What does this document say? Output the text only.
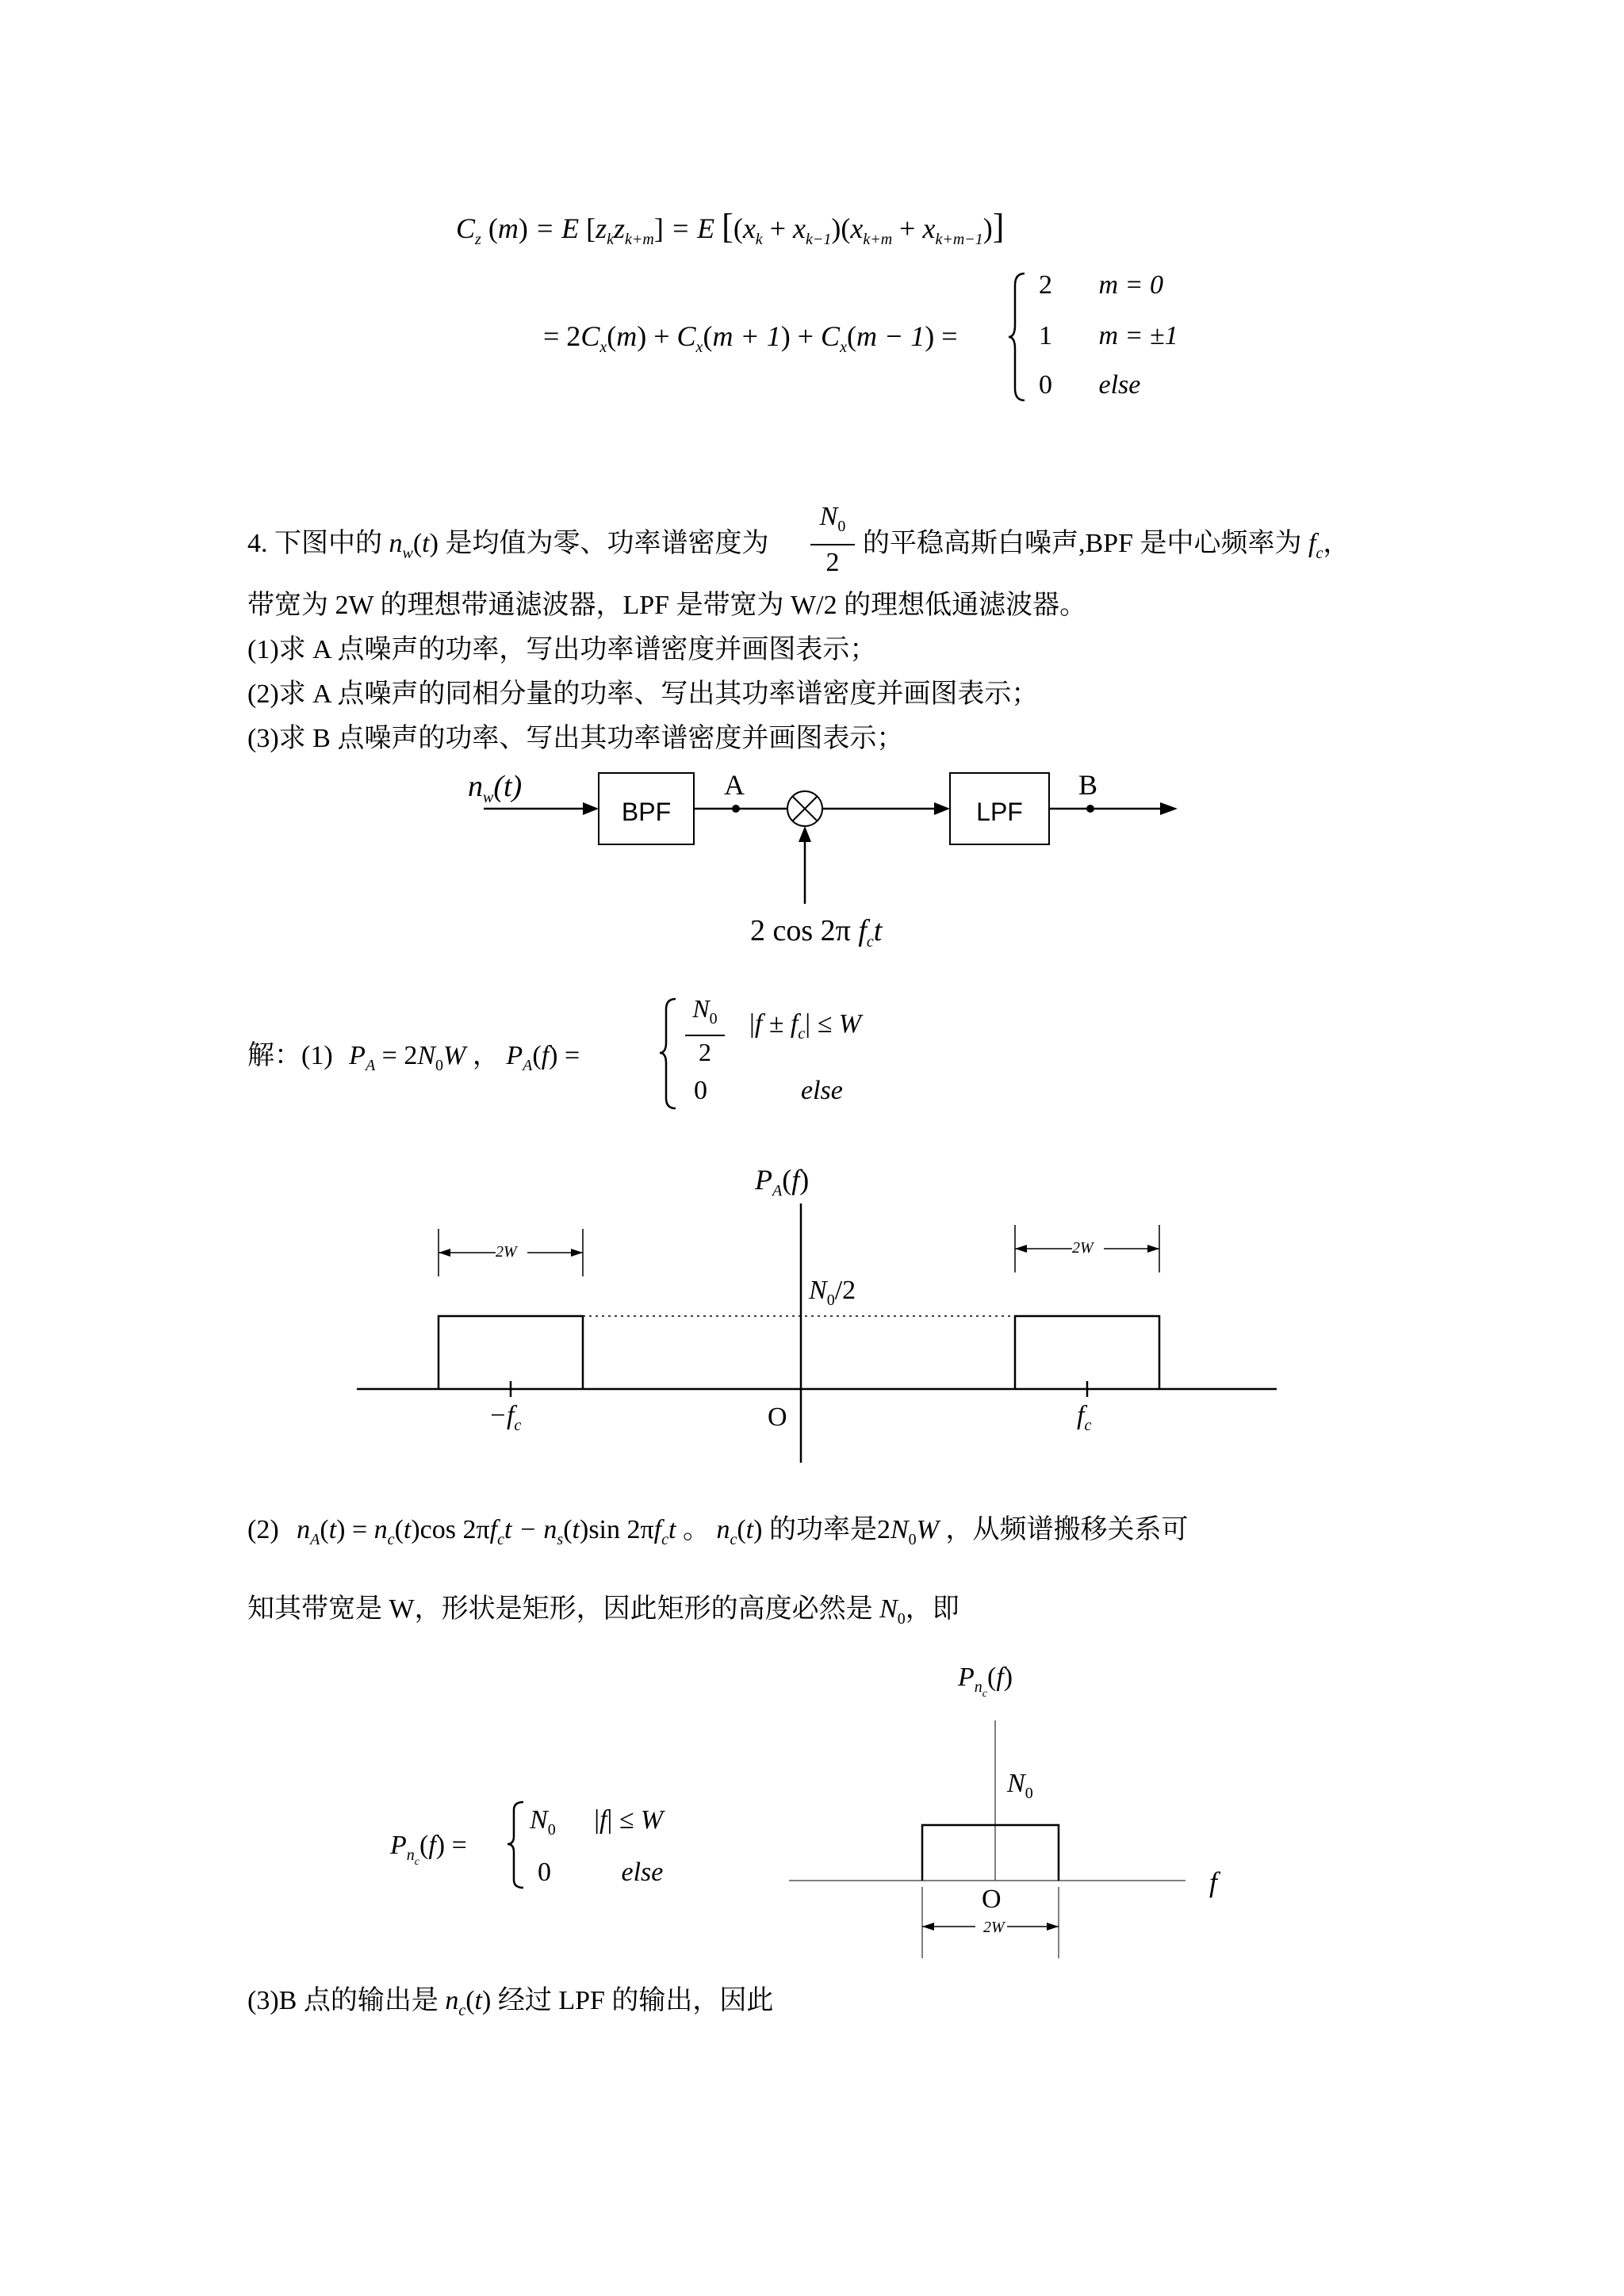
$C_z$ (m) = E $[z_kz_{k+m}] = E$ $[(x_k + x_{k-1})(x_{k+m} + x_{k+m-1})]$
= $2C_x(m) + C_x(m + 1) + C_x(m - 1)$ =
2 m = 0
1 m = ±1
0 else
4. 下图中的 $n_w(t)$ 是均值为零、功率谱密度为
$N_0$
2
的平稳高斯白噪声,BPF 是中心频率为 $f_c$，
带宽为 2W 的理想带通滤波器，LPF 是带宽为 W/2 的理想低通滤波器。
(1)求 A 点噪声的功率，写出功率谱密度并画图表示；
(2)求 A 点噪声的同相分量的功率、写出其功率谱密度并画图表示；
(3)求 B 点噪声的功率、写出其功率谱密度并画图表示；
$n_w(t)$
BPF
A
LPF
B
2 cos 2π $f_ct$
解：(1) $P_A = 2N_0W$ ， $P_A(f)$ =
$N_0$
2
$|f \pm f_c| \le W$
0	else
$P_A(f)$
$N_0/2$
2W	2W
$-f_c$	O	$f_c$
(2) $n_A(t) = n_c(t)\cos$ $2\pi f_ct - n_s(t)\sin$ $2\pi f_ct$ 。 $n_c(t)$ 的功率是$2N_0W$ ，从频谱搬移关系可
知其带宽是 W，形状是矩形，因此矩形的高度必然是 $N_0$，即
$P_{nc}(f)$ =
$N_0$ |f| ≤ W
0	else
$P_{nc}(f)$
$N_0$
O
f
2W
(3)B 点的输出是 $n_c(t)$ 经过 LPF 的输出，因此
